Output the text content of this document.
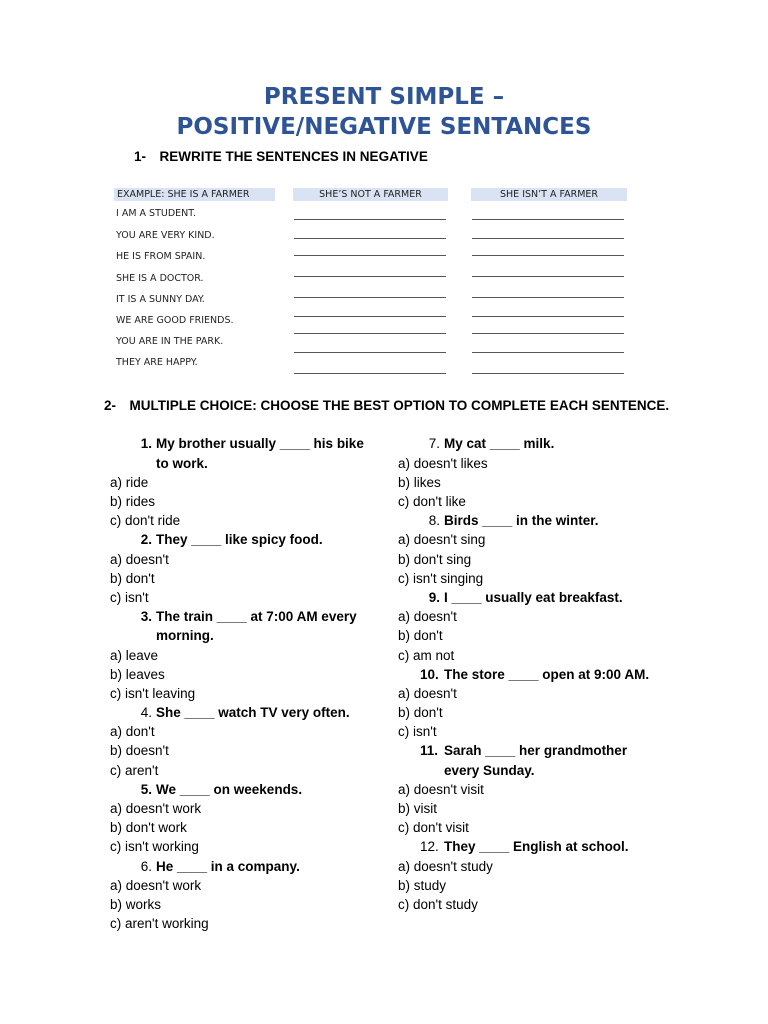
PRESENT SIMPLE –
POSITIVE/NEGATIVE SENTANCES
1- REWRITE THE SENTENCES IN NEGATIVE
EXAMPLE: SHE IS A FARMER	SHE’S NOT A FARMER	SHE ISN’T A FARMER
I AM A STUDENT.
YOU ARE VERY KIND.
HE IS FROM SPAIN.
SHE IS A DOCTOR.
IT IS A SUNNY DAY.
WE ARE GOOD FRIENDS.
YOU ARE IN THE PARK.
THEY ARE HAPPY.
2- MULTIPLE CHOICE: CHOOSE THE BEST OPTION TO COMPLETE EACH SENTENCE.
1. My brother usually ____ his bike
to work.
a) ride
b) rides
c) don't ride
2. They ____ like spicy food.
a) doesn't
b) don't
c) isn't
3. The train ____ at 7:00 AM every
morning.
a) leave
b) leaves
c) isn't leaving
4. She ____ watch TV very often.
a) don't
b) doesn't
c) aren't
5. We ____ on weekends.
a) doesn't work
b) don't work
c) isn't working
6. He ____ in a company.
a) doesn't work
b) works
c) aren't working
7. My cat ____ milk.
a) doesn't likes
b) likes
c) don't like
8. Birds ____ in the winter.
a) doesn't sing
b) don't sing
c) isn't singing
9. I ____ usually eat breakfast.
a) doesn't
b) don't
c) am not
10. The store ____ open at 9:00 AM.
a) doesn't
b) don't
c) isn't
11. Sarah ____ her grandmother
every Sunday.
a) doesn't visit
b) visit
c) don't visit
12. They ____ English at school.
a) doesn't study
b) study
c) don't study
